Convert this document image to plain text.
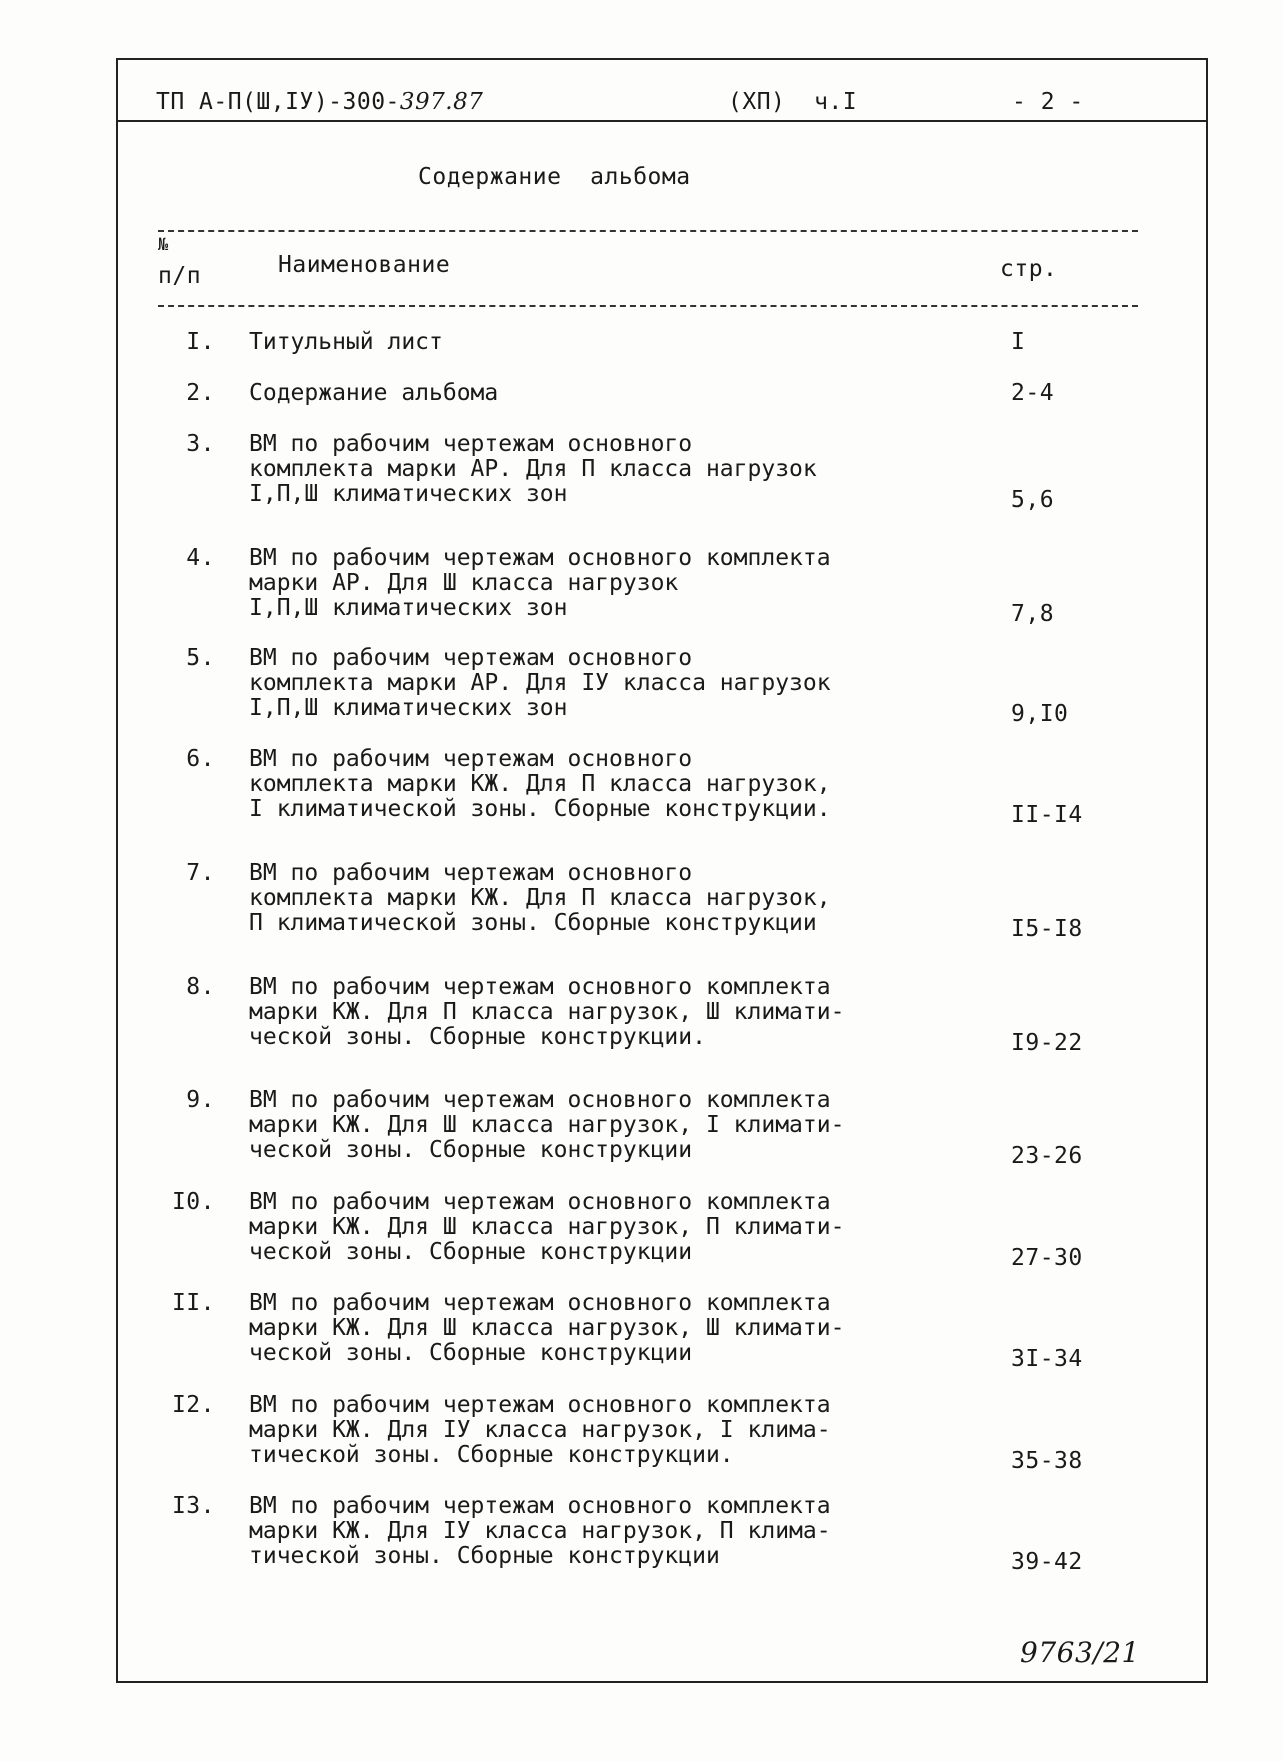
ТП А-П(Ш,IУ)-300-397.87	(ХП)  ч.I	- 2 -
Содержание  альбома
№
п/п	Наименование	стр.
I. Титульный лист	I
2. Содержание альбома	2-4
3. ВМ по рабочим чертежам основного
комплекта марки АР. Для П класса нагрузок
I,П,Ш климатических зон	5,6
4. ВМ по рабочим чертежам основного комплекта
марки АР. Для Ш класса нагрузок
I,П,Ш климатических зон	7,8
5. ВМ по рабочим чертежам основного
комплекта марки АР. Для IУ класса нагрузок
I,П,Ш климатических зон	9,I0
6. ВМ по рабочим чертежам основного
комплекта марки КЖ. Для П класса нагрузок,
I климатической зоны. Сборные конструкции.	II-I4
7. ВМ по рабочим чертежам основного
комплекта марки КЖ. Для П класса нагрузок,
П климатической зоны. Сборные конструкции	I5-I8
8. ВМ по рабочим чертежам основного комплекта
марки КЖ. Для П класса нагрузок, Ш климати-
ческой зоны. Сборные конструкции.	I9-22
9. ВМ по рабочим чертежам основного комплекта
марки КЖ. Для Ш класса нагрузок, I климати-
ческой зоны. Сборные конструкции	23-26
I0. ВМ по рабочим чертежам основного комплекта
марки КЖ. Для Ш класса нагрузок, П климати-
ческой зоны. Сборные конструкции	27-30
II. ВМ по рабочим чертежам основного комплекта
марки КЖ. Для Ш класса нагрузок, Ш климати-
ческой зоны. Сборные конструкции	3I-34
I2. ВМ по рабочим чертежам основного комплекта
марки КЖ. Для IУ класса нагрузок, I клима-
тической зоны. Сборные конструкции.	35-38
I3. ВМ по рабочим чертежам основного комплекта
марки КЖ. Для IУ класса нагрузок, П клима-
тической зоны. Сборные конструкции	39-42
9763/21
